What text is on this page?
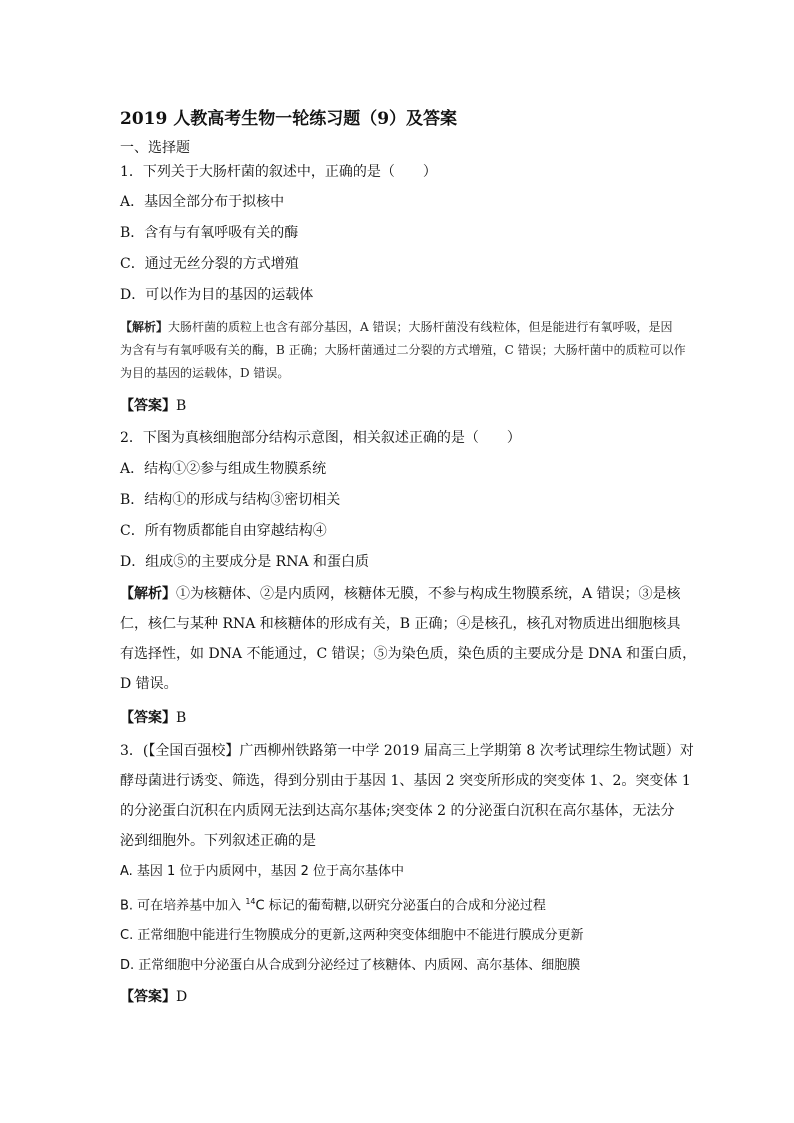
2019 人教高考生物一轮练习题（9）及答案
一、选择题
1．下列关于大肠杆菌的叙述中，正确的是（　　）
A．基因全部分布于拟核中
B．含有与有氧呼吸有关的酶
C．通过无丝分裂的方式增殖
D．可以作为目的基因的运载体
【解析】大肠杆菌的质粒上也含有部分基因，A 错误；大肠杆菌没有线粒体，但是能进行有氧呼吸，是因
为含有与有氧呼吸有关的酶，B 正确；大肠杆菌通过二分裂的方式增殖，C 错误；大肠杆菌中的质粒可以作
为目的基因的运载体，D 错误。
【答案】B
2．下图为真核细胞部分结构示意图，相关叙述正确的是（　　）
A．结构①②参与组成生物膜系统
B．结构①的形成与结构③密切相关
C．所有物质都能自由穿越结构④
D．组成⑤的主要成分是 RNA 和蛋白质
【解析】①为核糖体、②是内质网，核糖体无膜，不参与构成生物膜系统，A 错误；③是核
仁，核仁与某种 RNA 和核糖体的形成有关，B 正确；④是核孔，核孔对物质进出细胞核具
有选择性，如 DNA 不能通过，C 错误；⑤为染色质，染色质的主要成分是 DNA 和蛋白质，
D 错误。
【答案】B
3．(【全国百强校】广西柳州铁路第一中学 2019 届高三上学期第 8 次考试理综生物试题）对
酵母菌进行诱变、筛选，得到分别由于基因 1、基因 2 突变所形成的突变体 1、2。突变体 1
的分泌蛋白沉积在内质网无法到达高尔基体;突变体 2 的分泌蛋白沉积在高尔基体，无法分
泌到细胞外。下列叙述正确的是
A. 基因 1 位于内质网中，基因 2 位于高尔基体中
B. 可在培养基中加入 $^{14}$C 标记的葡萄糖,以研究分泌蛋白的合成和分泌过程
C. 正常细胞中能进行生物膜成分的更新,这两种突变体细胞中不能进行膜成分更新
D. 正常细胞中分泌蛋白从合成到分泌经过了核糖体、内质网、高尔基体、细胞膜
【答案】D
